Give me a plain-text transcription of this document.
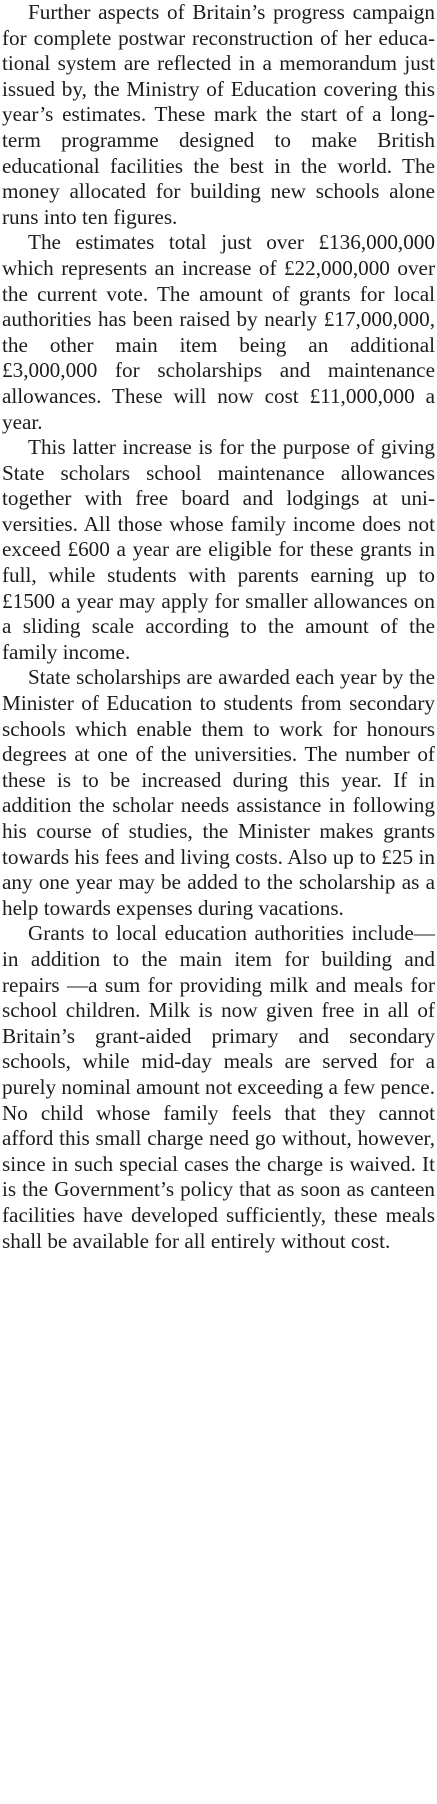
Further aspects of Britain’s progress campaign for complete postwar reconstruction of her educational system are reflected in a memorandum just issued by, the Ministry of Education covering this year’s estimates. These mark the start of a long-term programme designed to make British educational facilities the best in the world. The money allocated for building new schools alone runs into ten figures.

The estimates total just over £136,000,000 which represents an increase of £22,000,000 over the current vote. The amount of grants for local authorities has been raised by nearly £17,000,000, the other main item being an additional £3,000,000 for scholarships and maintenance allowances. These will now cost £11,000,000 a year.

This latter increase is for the purpose of giving State scholars school maintenance allowances together with free board and lodgings at universities. All those whose family income does not exceed £600 a year are eligible for these grants in full, while students with parents earning up to £1500 a year may apply for smaller allowances on a sliding scale according to the amount of the family income.

State scholarships are awarded each year by the Minister of Education to students from secondary schools which enable them to work for honours degrees at one of the universities. The number of these is to be increased during this year. If in addition the scholar needs assistance in following his course of studies, the Minister makes grants towards his fees and living costs. Also up to £25 in any one year may be added to the scholarship as a help towards expenses during vacations.

Grants to local education authorities include—in addition to the main item for building and repairs —a sum for providing milk and meals for school children. Milk is now given free in all of Britain’s grant-aided primary and secondary schools, while mid-day meals are served for a purely nominal amount not exceeding a few pence. No child whose family feels that they cannot afford this small charge need go without, however, since in such special cases the charge is waived. It is the Government’s policy that as soon as canteen facilities have developed sufficiently, these meals shall be available for all entirely without cost.
